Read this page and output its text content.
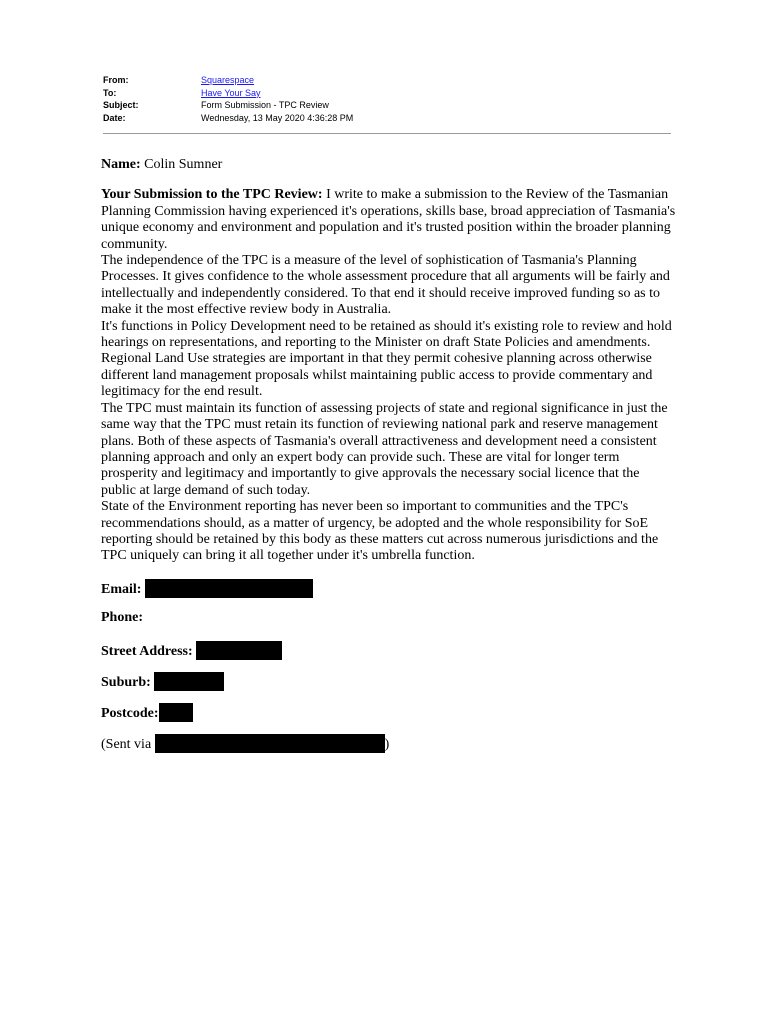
From:	Squarespace
To:	Have Your Say
Subject:	Form Submission - TPC Review
Date:	Wednesday, 13 May 2020 4:36:28 PM

Name: Colin Sumner

Your Submission to the TPC Review: I write to make a submission to the Review of the Tasmanian Planning Commission having experienced it's operations, skills base, broad appreciation of Tasmania's unique economy and environment and population and it's trusted position within the broader planning community.

The independence of the TPC is a measure of the level of sophistication of Tasmania's Planning Processes. It gives confidence to the whole assessment procedure that all arguments will be fairly and intellectually and independently considered. To that end it should receive improved funding so as to make it the most effective review body in Australia.

It's functions in Policy Development need to be retained as should it's existing role to review and hold hearings on representations, and reporting to the Minister on draft State Policies and amendments.

Regional Land Use strategies are important in that they permit cohesive planning across otherwise different land management proposals whilst maintaining public access to provide commentary and legitimacy for the end result.

The TPC must maintain its function of assessing projects of state and regional significance in just the same way that the TPC must retain its function of reviewing national park and reserve management plans. Both of these aspects of Tasmania's overall attractiveness and development need a consistent planning approach and only an expert body can provide such. These are vital for longer term prosperity and legitimacy and importantly to give approvals the necessary social licence that the public at large demand of such today.

State of the Environment reporting has never been so important to communities and the TPC's recommendations should, as a matter of urgency, be adopted and the whole responsibility for SoE reporting should be retained by this body as these matters cut across numerous jurisdictions and the TPC uniquely can bring it all together under it's umbrella function.

Email:
Phone:
Street Address:
Suburb:
Postcode:
(Sent via	)
